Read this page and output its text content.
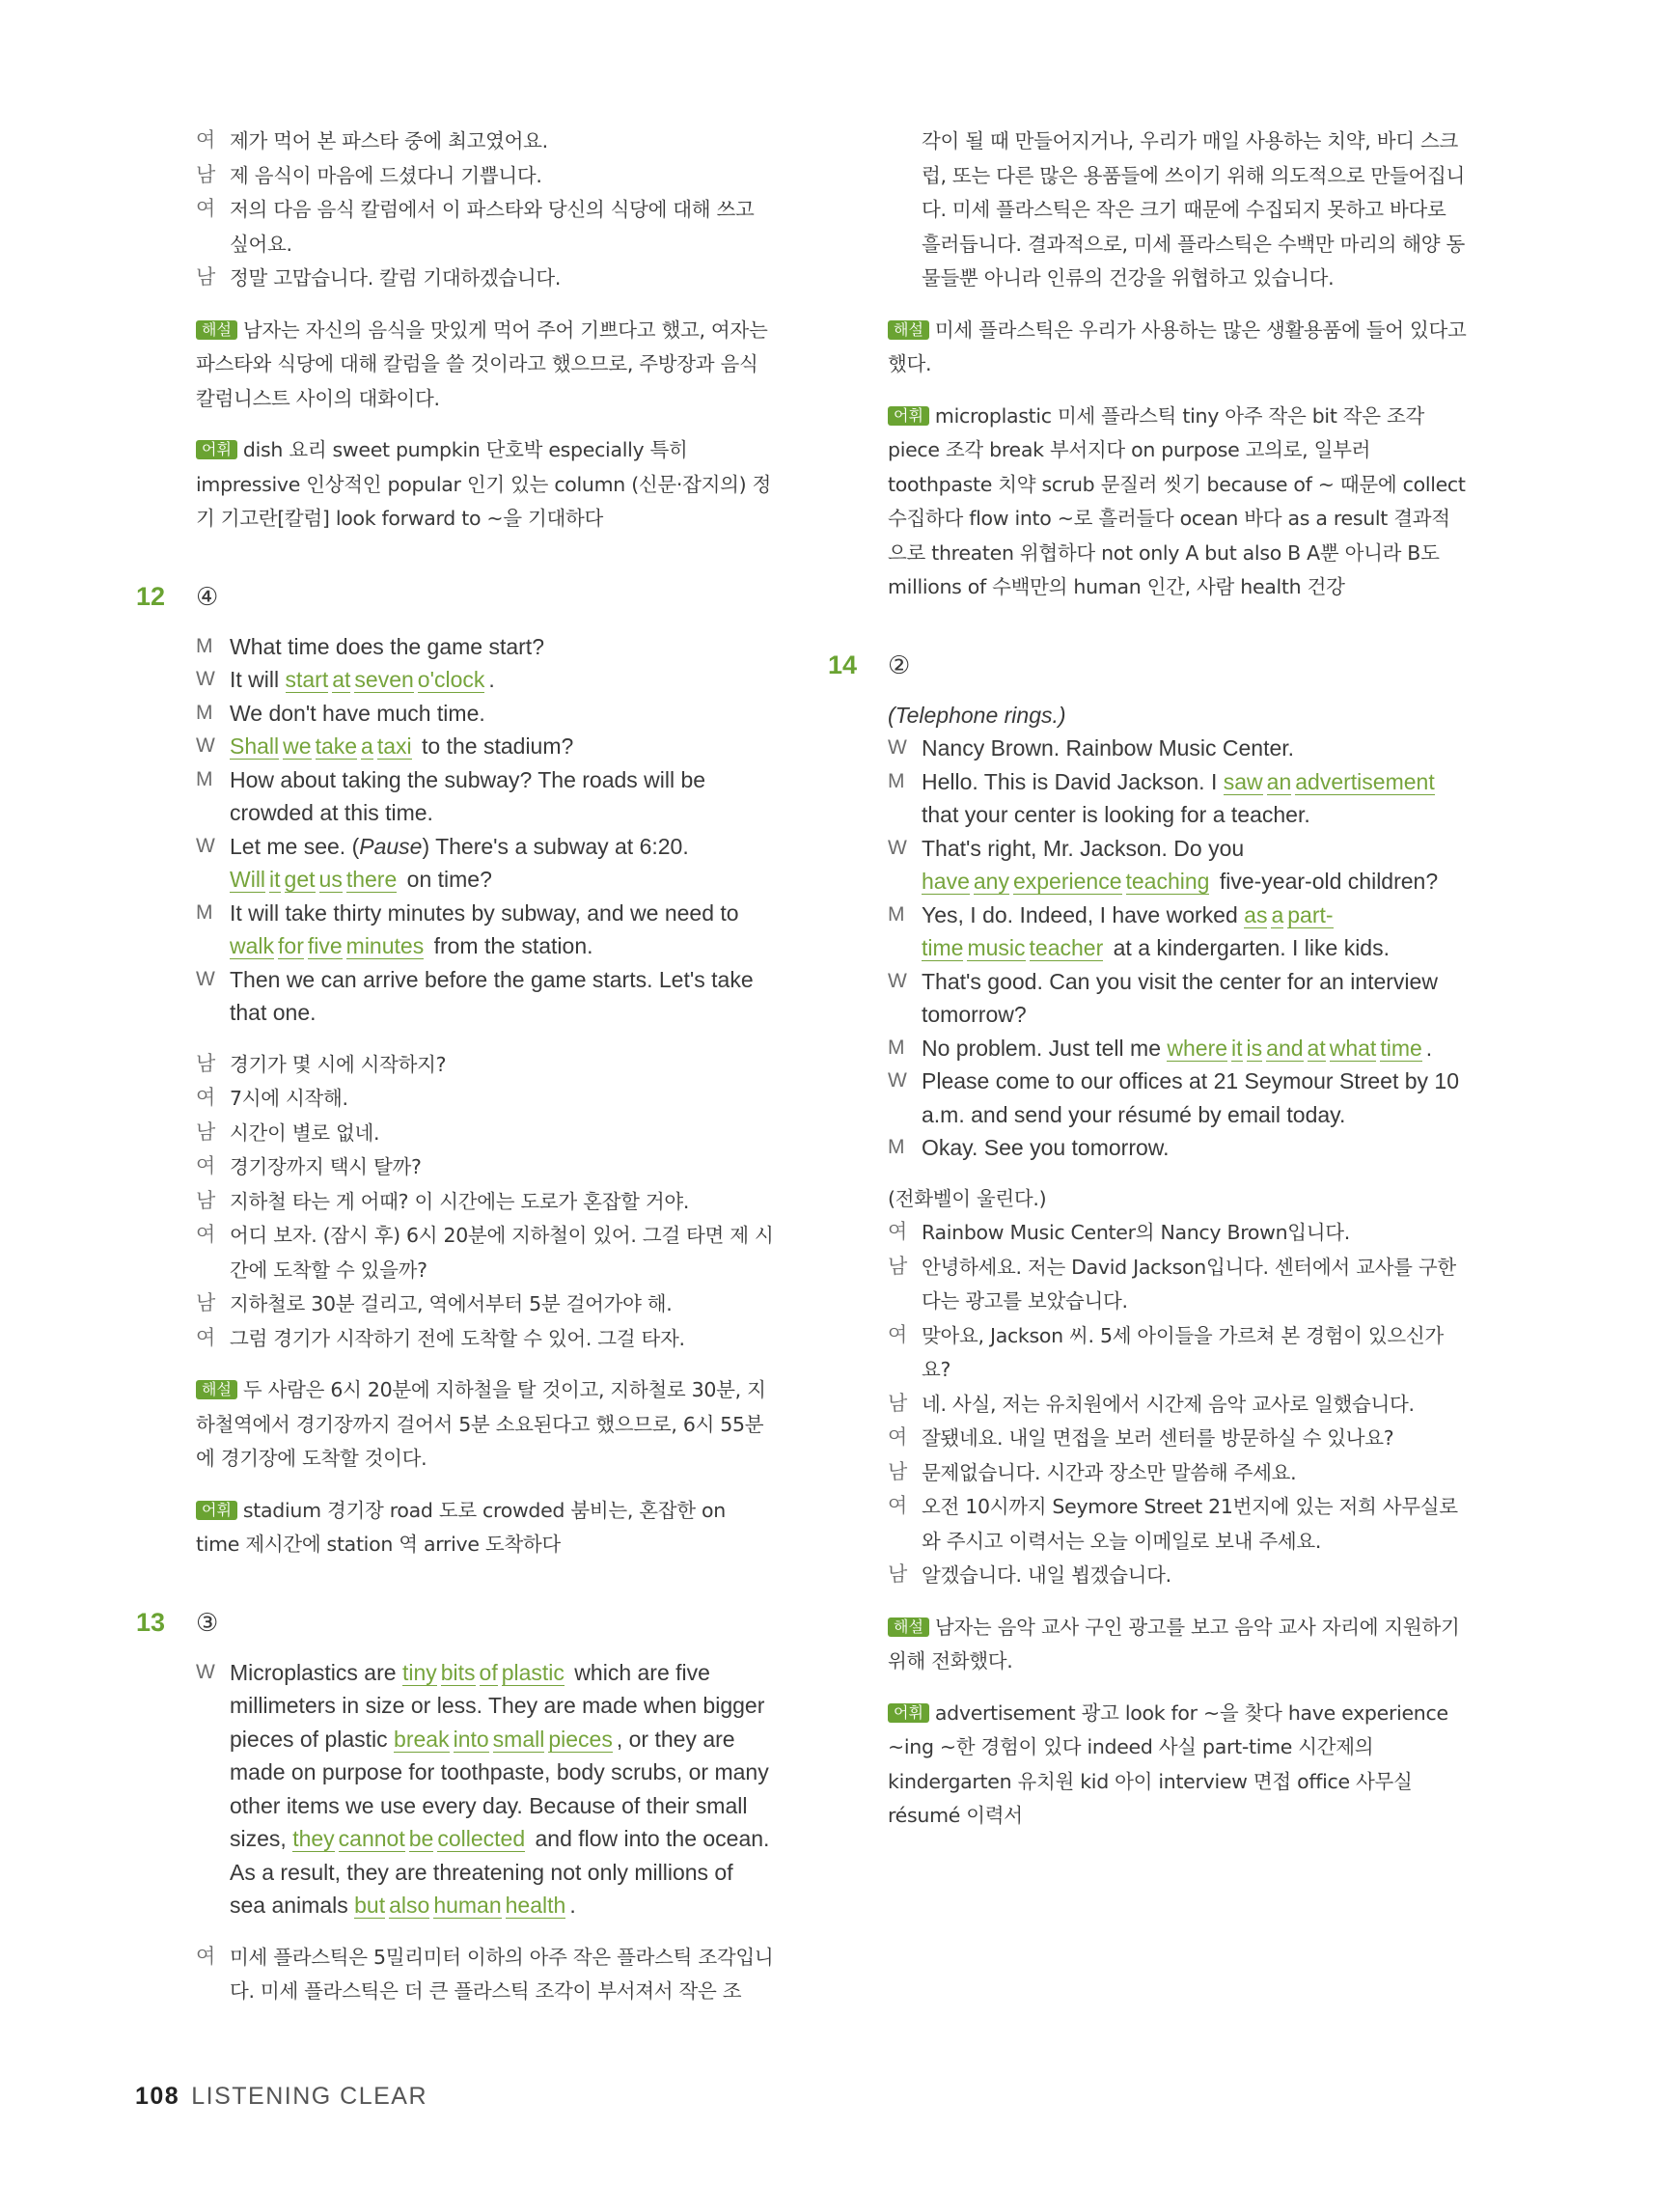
여 제가 먹어 본 파스타 중에 최고였어요.
남 제 음식이 마음에 드셨다니 기쁩니다.
여 저의 다음 음식 칼럼에서 이 파스타와 당신의 식당에 대해 쓰고 싶어요.
남 정말 고맙습니다. 칼럼 기대하겠습니다.
해설 남자는 자신의 음식을 맛있게 먹어 주어 기쁘다고 했고, 여자는 파스타와 식당에 대해 칼럼을 쓸 것이라고 했으므로, 주방장과 음식 칼럼니스트 사이의 대화이다.
어휘 dish 요리 sweet pumpkin 단호박 especially 특히 impressive 인상적인 popular 인기 있는 column (신문·잡지의) 정기 기고란[칼럼] look forward to ~을 기대하다
12 ④
M What time does the game start?
W It will start at seven o'clock .
M We don't have much time.
W Shall we take a taxi to the stadium?
M How about taking the subway? The roads will be crowded at this time.
W Let me see. (Pause) There's a subway at 6:20. Will it get us there on time?
M It will take thirty minutes by subway, and we need to walk for five minutes from the station.
W Then we can arrive before the game starts. Let's take that one.
남 경기가 몇 시에 시작하지?
여 7시에 시작해.
남 시간이 별로 없네.
여 경기장까지 택시 탈까?
남 지하철 타는 게 어때? 이 시간에는 도로가 혼잡할 거야.
여 어디 보자. (잠시 후) 6시 20분에 지하철이 있어. 그걸 타면 제 시간에 도착할 수 있을까?
남 지하철로 30분 걸리고, 역에서부터 5분 걸어가야 해.
여 그럼 경기가 시작하기 전에 도착할 수 있어. 그걸 타자.
해설 두 사람은 6시 20분에 지하철을 탈 것이고, 지하철로 30분, 지하철역에서 경기장까지 걸어서 5분 소요된다고 했으므로, 6시 55분에 경기장에 도착할 것이다.
어휘 stadium 경기장 road 도로 crowded 붐비는, 혼잡한 on time 제시간에 station 역 arrive 도착하다
13 ③
W Microplastics are tiny bits of plastic which are five millimeters in size or less. They are made when bigger pieces of plastic break into small pieces , or they are made on purpose for toothpaste, body scrubs, or many other items we use every day. Because of their small sizes, they cannot be collected and flow into the ocean. As a result, they are threatening not only millions of sea animals but also human health .
여 미세 플라스틱은 5밀리미터 이하의 아주 작은 플라스틱 조각입니다. 미세 플라스틱은 더 큰 플라스틱 조각이 부서져서 작은 조
각이 될 때 만들어지거나, 우리가 매일 사용하는 치약, 바디 스크럽, 또는 다른 많은 용품들에 쓰이기 위해 의도적으로 만들어집니다. 미세 플라스틱은 작은 크기 때문에 수집되지 못하고 바다로 흘러듭니다. 결과적으로, 미세 플라스틱은 수백만 마리의 해양 동물들뿐 아니라 인류의 건강을 위협하고 있습니다.
해설 미세 플라스틱은 우리가 사용하는 많은 생활용품에 들어 있다고 했다.
어휘 microplastic 미세 플라스틱 tiny 아주 작은 bit 작은 조각 piece 조각 break 부서지다 on purpose 고의로, 일부러 toothpaste 치약 scrub 문질러 씻기 because of ~ 때문에 collect 수집하다 flow into ~로 흘러들다 ocean 바다 as a result 결과적으로 threaten 위협하다 not only A but also B A뿐 아니라 B도 millions of 수백만의 human 인간, 사람 health 건강
14 ②
(Telephone rings.)
W Nancy Brown. Rainbow Music Center.
M Hello. This is David Jackson. I saw an advertisement that your center is looking for a teacher.
W That's right, Mr. Jackson. Do you have any experience teaching five-year-old children?
M Yes, I do. Indeed, I have worked as a part-time music teacher at a kindergarten. I like kids.
W That's good. Can you visit the center for an interview tomorrow?
M No problem. Just tell me where it is and at what time .
W Please come to our offices at 21 Seymour Street by 10 a.m. and send your résumé by email today.
M Okay. See you tomorrow.
(전화벨이 울린다.)
여 Rainbow Music Center의 Nancy Brown입니다.
남 안녕하세요. 저는 David Jackson입니다. 센터에서 교사를 구한다는 광고를 보았습니다.
여 맞아요, Jackson 씨. 5세 아이들을 가르쳐 본 경험이 있으신가요?
남 네. 사실, 저는 유치원에서 시간제 음악 교사로 일했습니다.
여 잘됐네요. 내일 면접을 보러 센터를 방문하실 수 있나요?
남 문제없습니다. 시간과 장소만 말씀해 주세요.
여 오전 10시까지 Seymore Street 21번지에 있는 저희 사무실로 와 주시고 이력서는 오늘 이메일로 보내 주세요.
남 알겠습니다. 내일 뵙겠습니다.
해설 남자는 음악 교사 구인 광고를 보고 음악 교사 자리에 지원하기 위해 전화했다.
어휘 advertisement 광고 look for ~을 찾다 have experience ~ing ~한 경험이 있다 indeed 사실 part-time 시간제의 kindergarten 유치원 kid 아이 interview 면접 office 사무실 résumé 이력서
108 LISTENING CLEAR
